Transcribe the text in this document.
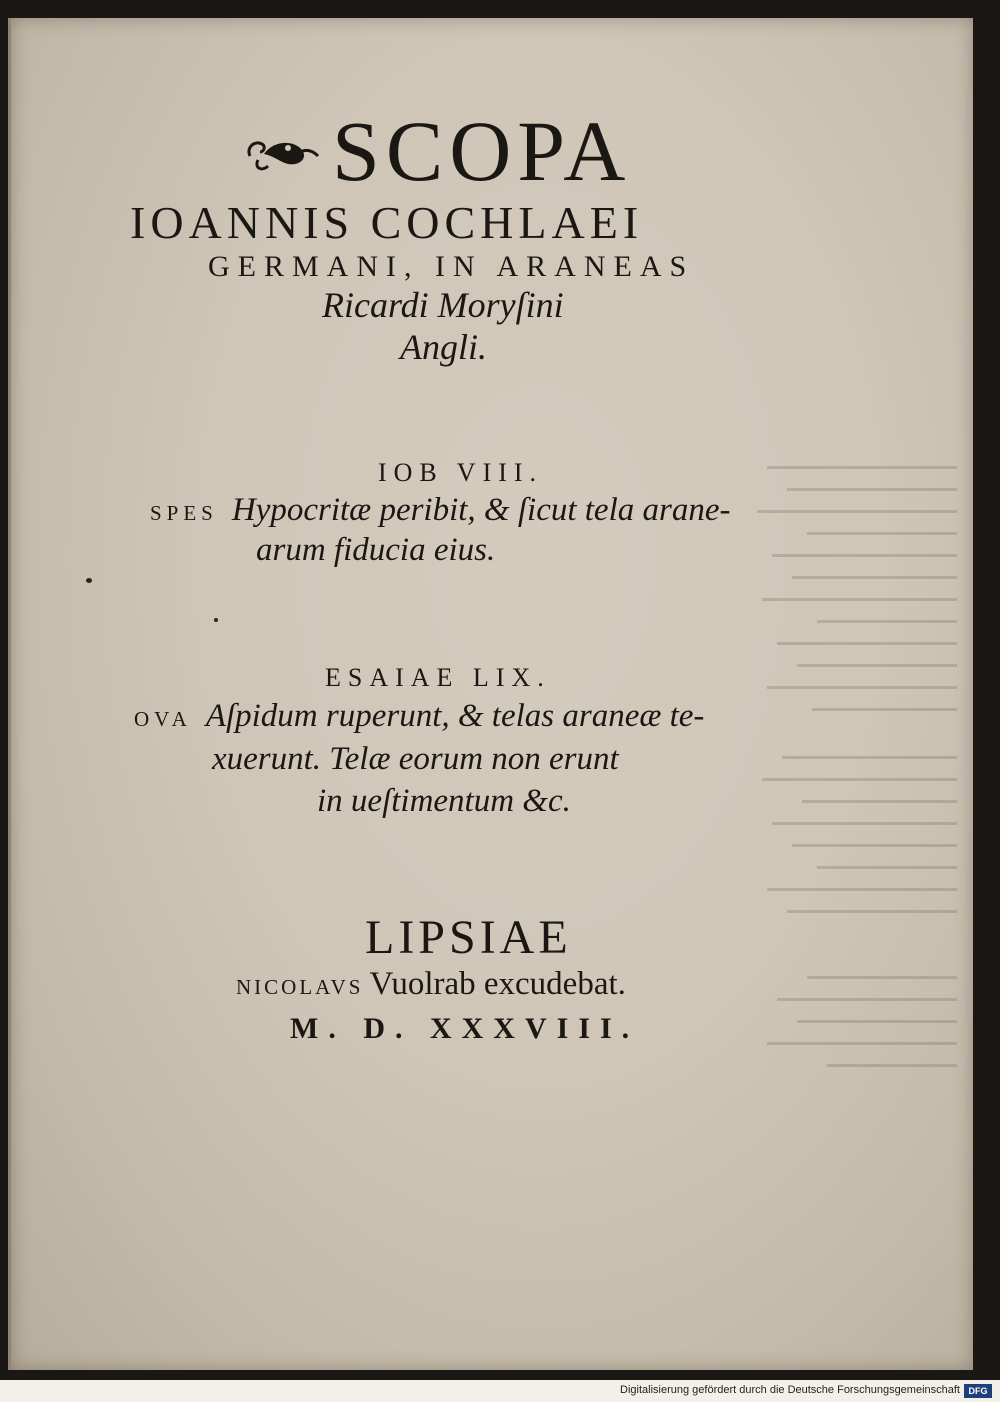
SCOPA
IOANNIS COCHLAEI
GERMANI, IN ARANEAS
Ricardi Moryſini
Angli.
IOB VIII.
SPES Hypocritæ peribit, & ſicut tela arane-
arum fiducia eius.
ESAIAE LIX.
OVA Aſpidum ruperunt, & telas araneæ te-
xuerunt. Telæ eorum non erunt
in ueſtimentum &c.
LIPSIAE
NICOLAVS Vuolrab excudebat.
M. D. XXXVIII.
Digitalisierung gefördert durch die Deutsche Forschungsgemeinschaft DFG
